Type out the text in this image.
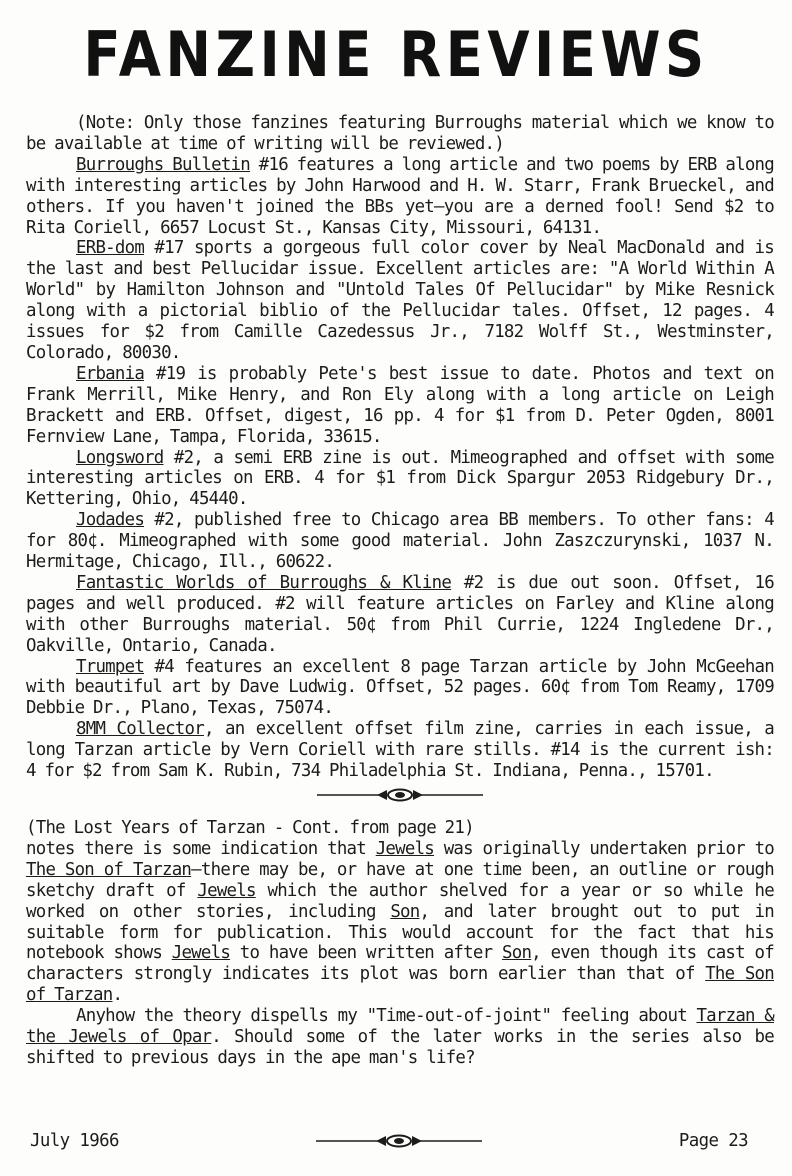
FANZINE REVIEWS

(Note: Only those fanzines featuring Burroughs material which we know to be available at time of writing will be reviewed.)

Burroughs Bulletin #16 features a long article and two poems by ERB along with interesting articles by John Harwood and H. W. Starr, Frank Brueckel, and others. If you haven't joined the BBs yet—you are a derned fool! Send $2 to Rita Coriell, 6657 Locust St., Kansas City, Missouri, 64131.

ERB-dom #17 sports a gorgeous full color cover by Neal MacDonald and is the last and best Pellucidar issue. Excellent articles are: "A World Within A World" by Hamilton Johnson and "Untold Tales Of Pellucidar" by Mike Resnick along with a pictorial biblio of the Pellucidar tales. Offset, 12 pages. 4 issues for $2 from Camille Cazedessus Jr., 7182 Wolff St., Westminster, Colorado, 80030.

Erbania #19 is probably Pete's best issue to date. Photos and text on Frank Merrill, Mike Henry, and Ron Ely along with a long article on Leigh Brackett and ERB. Offset, digest, 16 pp. 4 for $1 from D. Peter Ogden, 8001 Fernview Lane, Tampa, Florida, 33615.

Longsword #2, a semi ERB zine is out. Mimeographed and offset with some interesting articles on ERB. 4 for $1 from Dick Spargur 2053 Ridgebury Dr., Kettering, Ohio, 45440.

Jodades #2, published free to Chicago area BB members. To other fans: 4 for 80¢. Mimeographed with some good material. John Zaszczurynski, 1037 N. Hermitage, Chicago, Ill., 60622.

Fantastic Worlds of Burroughs & Kline #2 is due out soon. Offset, 16 pages and well produced. #2 will feature articles on Farley and Kline along with other Burroughs material. 50¢ from Phil Currie, 1224 Ingledene Dr., Oakville, Ontario, Canada.

Trumpet #4 features an excellent 8 page Tarzan article by John McGeehan with beautiful art by Dave Ludwig. Offset, 52 pages. 60¢ from Tom Reamy, 1709 Debbie Dr., Plano, Texas, 75074.

8MM Collector, an excellent offset film zine, carries in each issue, a long Tarzan article by Vern Coriell with rare stills. #14 is the current ish: 4 for $2 from Sam K. Rubin, 734 Philadelphia St. Indiana, Penna., 15701.

(The Lost Years of Tarzan - Cont. from page 21)

notes there is some indication that Jewels was originally undertaken prior to The Son of Tarzan—there may be, or have at one time been, an outline or rough sketchy draft of Jewels which the author shelved for a year or so while he worked on other stories, including Son, and later brought out to put in suitable form for publication. This would account for the fact that his notebook shows Jewels to have been written after Son, even though its cast of characters strongly indicates its plot was born earlier than that of The Son of Tarzan.

Anyhow the theory dispells my "Time-out-of-joint" feeling about Tarzan & the Jewels of Opar. Should some of the later works in the series also be shifted to previous days in the ape man's life?

July 1966	Page 23
